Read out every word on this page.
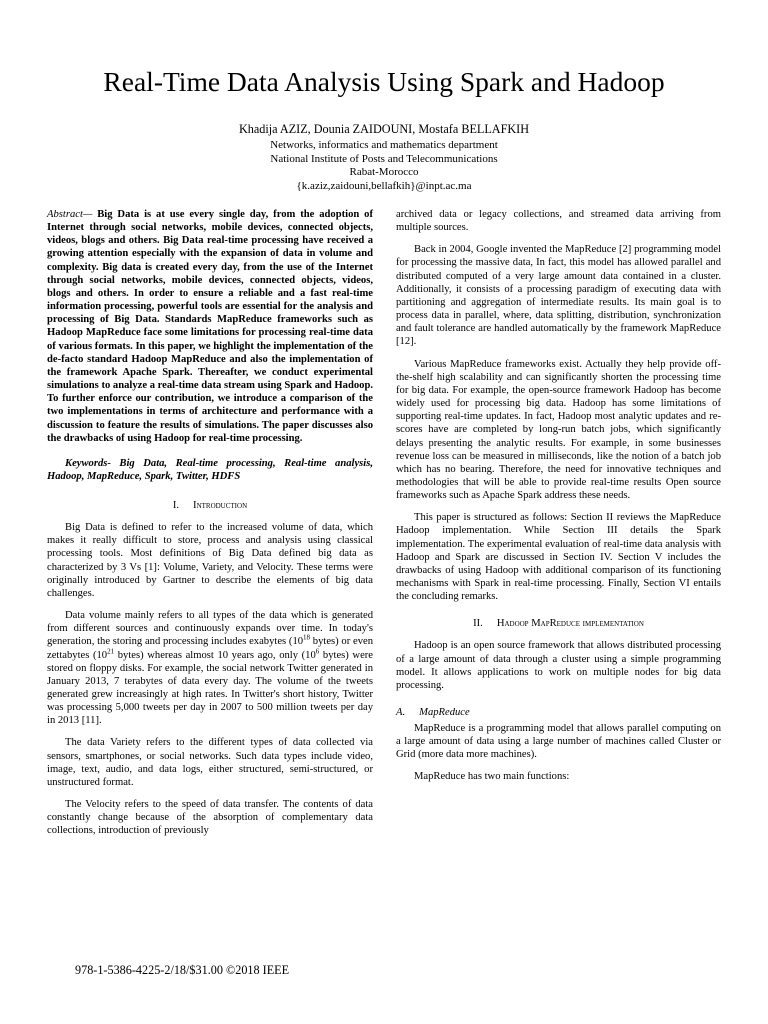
Real-Time Data Analysis Using Spark and Hadoop
Khadija AZIZ, Dounia ZAIDOUNI, Mostafa BELLAFKIH
Networks, informatics and mathematics department
National Institute of Posts and Telecommunications
Rabat-Morocco
{k.aziz,zaidouni,bellafkih}@inpt.ac.ma

Abstract— Big Data is at use every single day, from the adoption of Internet through social networks, mobile devices, connected objects, videos, blogs and others. Big Data real-time processing have received a growing attention especially with the expansion of data in volume and complexity. Big data is created every day, from the use of the Internet through social networks, mobile devices, connected objects, videos, blogs and others. In order to ensure a reliable and a fast real-time information processing, powerful tools are essential for the analysis and processing of Big Data. Standards MapReduce frameworks such as Hadoop MapReduce face some limitations for processing real-time data of various formats. In this paper, we highlight the implementation of the de-facto standard Hadoop MapReduce and also the implementation of the framework Apache Spark. Thereafter, we conduct experimental simulations to analyze a real-time data stream using Spark and Hadoop. To further enforce our contribution, we introduce a comparison of the two implementations in terms of architecture and performance with a discussion to feature the results of simulations. The paper discusses also the drawbacks of using Hadoop for real-time processing.

Keywords- Big Data, Real-time processing, Real-time analysis, Hadoop, MapReduce, Spark, Twitter, HDFS

I. Introduction

Big Data is defined to refer to the increased volume of data, which makes it really difficult to store, process and analysis using classical processing tools. Most definitions of Big Data defined big data as characterized by 3 Vs [1]: Volume, Variety, and Velocity. These terms were originally introduced by Gartner to describe the elements of big data challenges.

Data volume mainly refers to all types of the data which is generated from different sources and continuously expands over time. In today's generation, the storing and processing includes exabytes ($10^{18}$ bytes) or even zettabytes ($10^{21}$ bytes) whereas almost 10 years ago, only ($10^6$ bytes) were stored on floppy disks. For example, the social network Twitter generated in January 2013, 7 terabytes of data every day. The volume of the tweets generated grew increasingly at high rates. In Twitter's short history, Twitter was processing 5,000 tweets per day in 2007 to 500 million tweets per day in 2013 [11].

The data Variety refers to the different types of data collected via sensors, smartphones, or social networks. Such data types include video, image, text, audio, and data logs, either structured, semi-structured, or unstructured format.

The Velocity refers to the speed of data transfer. The contents of data constantly change because of the absorption of complementary data collections, introduction of previously

archived data or legacy collections, and streamed data arriving from multiple sources.

Back in 2004, Google invented the MapReduce [2] programming model for processing the massive data, In fact, this model has allowed parallel and distributed computed of a very large amount data contained in a cluster. Additionally, it consists of a processing paradigm of executing data with partitioning and aggregation of intermediate results. Its main goal is to process data in parallel, where, data splitting, distribution, synchronization and fault tolerance are handled automatically by the framework MapReduce [12].

Various MapReduce frameworks exist. Actually they help provide off-the-shelf high scalability and can significantly shorten the processing time for big data. For example, the open-source framework Hadoop has become widely used for processing big data. Hadoop has some limitations of supporting real-time updates. In fact, Hadoop most analytic updates and re-scores have are completed by long-run batch jobs, which significantly delays presenting the analytic results. For example, in some businesses revenue loss can be measured in milliseconds, like the notion of a batch job which has no bearing. Therefore, the need for innovative techniques and methodologies that will be able to provide real-time results Open source frameworks such as Apache Spark address these needs.

This paper is structured as follows: Section II reviews the MapReduce Hadoop implementation. While Section III details the Spark implementation. The experimental evaluation of real-time data analysis with Hadoop and Spark are discussed in Section IV. Section V includes the drawbacks of using Hadoop with additional comparison of its functioning mechanisms with Spark in real-time processing. Finally, Section VI entails the concluding remarks.

II. Hadoop MapReduce implementation

Hadoop is an open source framework that allows distributed processing of a large amount of data through a cluster using a simple programming model. It allows applications to work on multiple nodes for big data processing.

A. MapReduce

MapReduce is a programming model that allows parallel computing on a large amount of data using a large number of machines called Cluster or Grid (more data more machines).

MapReduce has two main functions:

978-1-5386-4225-2/18/$31.00 ©2018 IEEE
